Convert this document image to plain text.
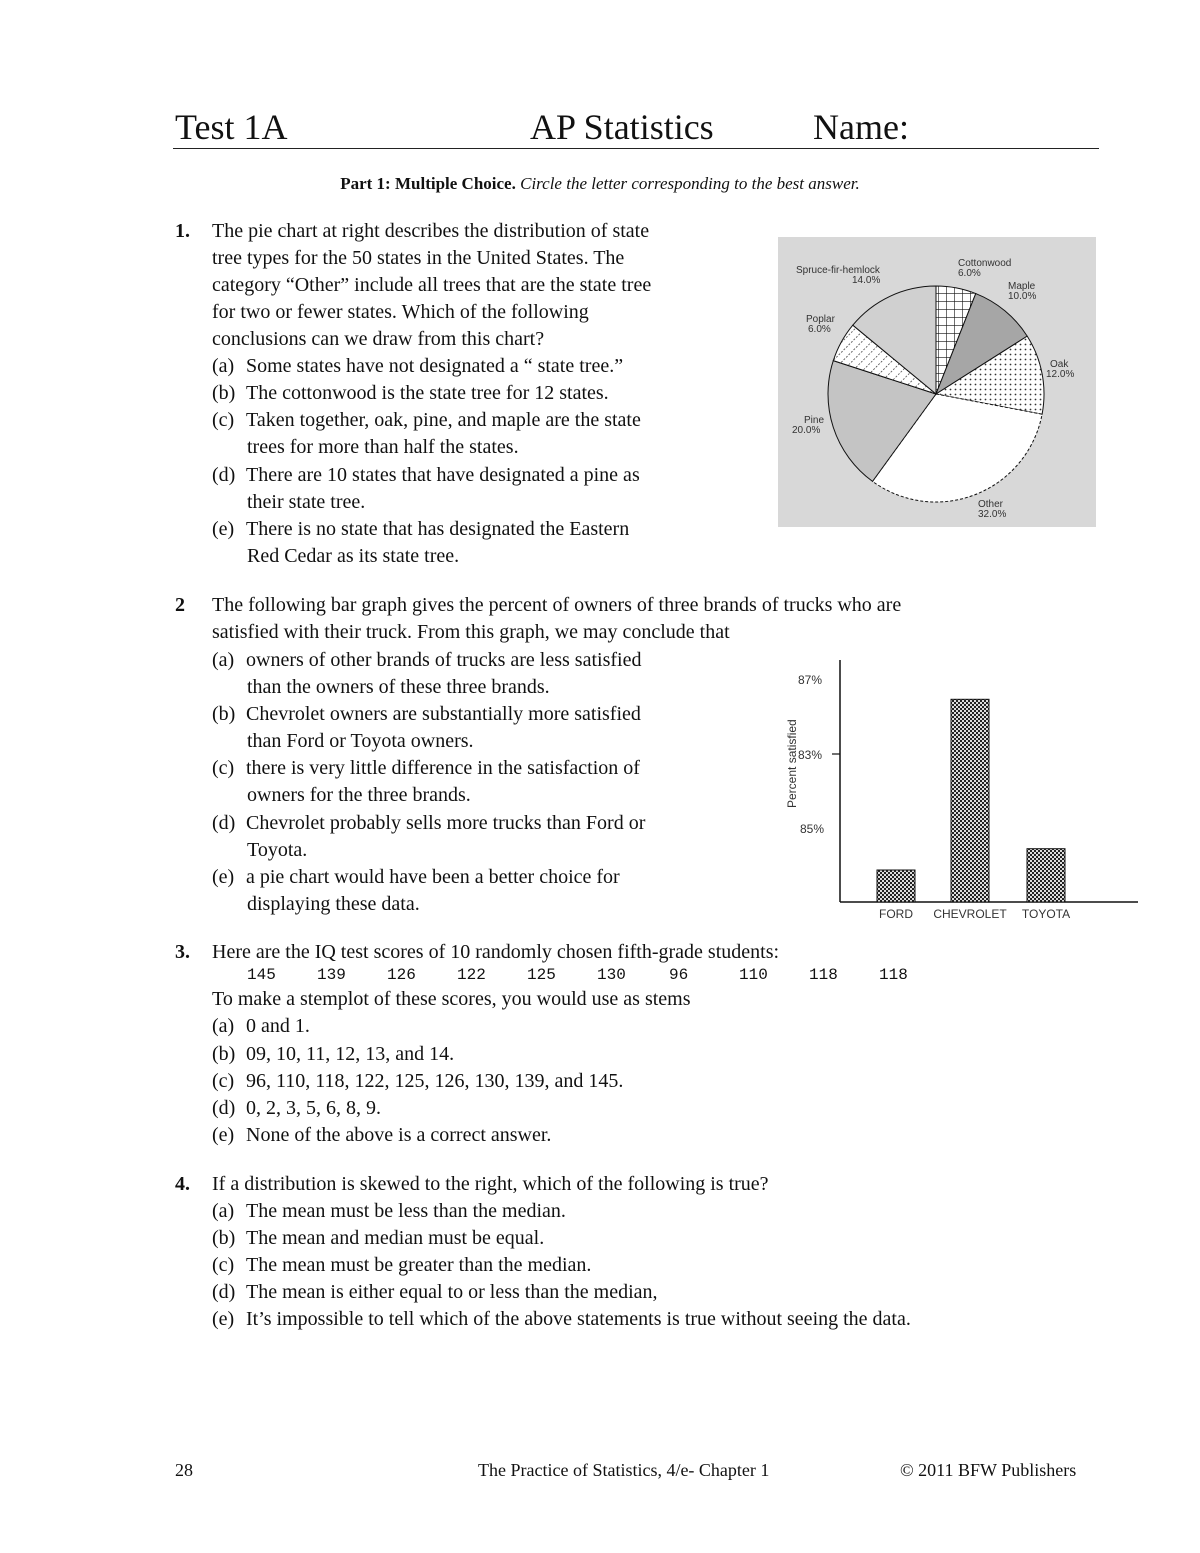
Test 1A	AP Statistics	Name:
Part 1: Multiple Choice. Circle the letter corresponding to the best answer.
1. The pie chart at right describes the distribution of state
tree types for the 50 states in the United States. The
category “Other” include all trees that are the state tree
for two or fewer states. Which of the following
conclusions can we draw from this chart?
(a) Some states have not designated a “ state tree.”
(b) The cottonwood is the state tree for 12 states.
(c) Taken together, oak, pine, and maple are the state
trees for more than half the states.
(d) There are 10 states that have designated a pine as
their state tree.
(e) There is no state that has designated the Eastern
Red Cedar as its state tree.
Cottonwood 6.0%
Maple 10.0%
Oak 12.0%
Other 32.0%
Pine 20.0%
Poplar 6.0%
Spruce-fir-hemlock 14.0%
2 The following bar graph gives the percent of owners of three brands of trucks who are
satisfied with their truck. From this graph, we may conclude that
(a) owners of other brands of trucks are less satisfied
than the owners of these three brands.
(b) Chevrolet owners are substantially more satisfied
than Ford or Toyota owners.
(c) there is very little difference in the satisfaction of
owners for the three brands.
(d) Chevrolet probably sells more trucks than Ford or
Toyota.
(e) a pie chart would have been a better choice for
displaying these data.
87%
83%
85%
Percent satisfied
FORD CHEVROLET TOYOTA
3. Here are the IQ test scores of 10 randomly chosen fifth-grade students:
145	139	126	122	125	130	96	110	118	118
To make a stemplot of these scores, you would use as stems
(a) 0 and 1.
(b) 09, 10, 11, 12, 13, and 14.
(c) 96, 110, 118, 122, 125, 126, 130, 139, and 145.
(d) 0, 2, 3, 5, 6, 8, 9.
(e) None of the above is a correct answer.
4. If a distribution is skewed to the right, which of the following is true?
(a) The mean must be less than the median.
(b) The mean and median must be equal.
(c) The mean must be greater than the median.
(d) The mean is either equal to or less than the median,
(e) It’s impossible to tell which of the above statements is true without seeing the data.
28	The Practice of Statistics, 4/e- Chapter 1	© 2011 BFW Publishers
